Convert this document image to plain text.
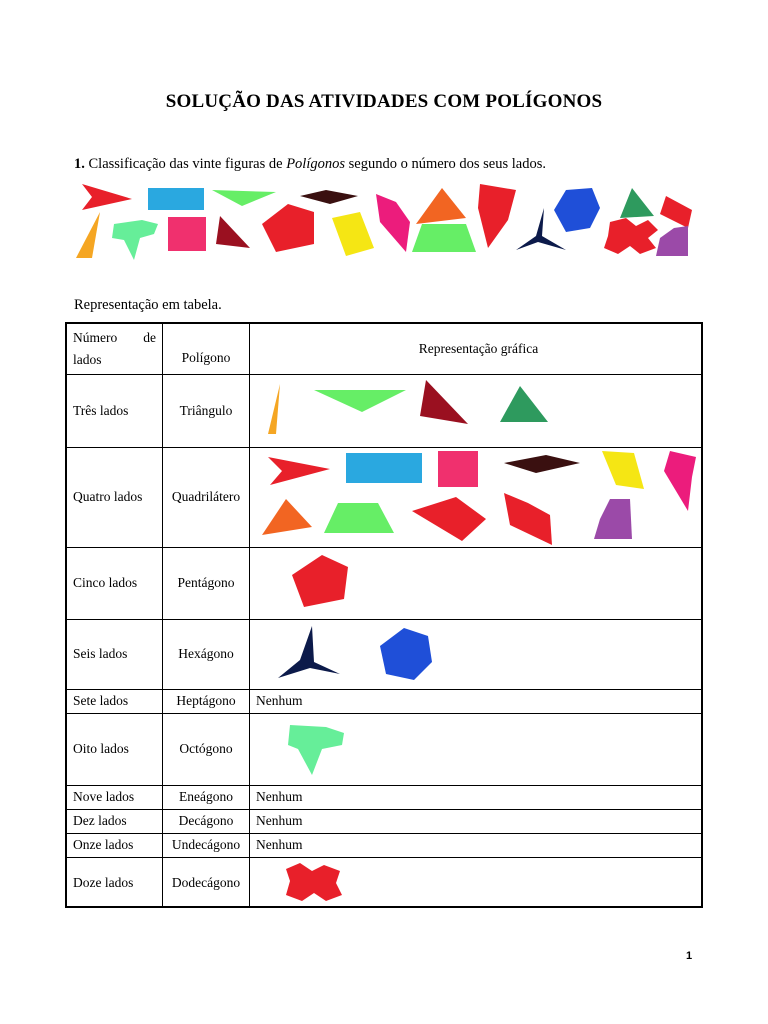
SOLUÇÃO DAS ATIVIDADES COM POLÍGONOS
1. Classificação das vinte figuras de Polígonos segundo o número dos seus lados.
Representação em tabela.
Número de
lados	Polígono	Representação gráfica
Três lados	Triângulo	

Quatro lados	Quadrilátero	

Cinco lados	Pentágono	

Seis lados	Hexágono	

Sete lados	Heptágono	Nenhum
Oito lados	Octógono	

Nove lados	Eneágono	Nenhum
Dez lados	Decágono	Nenhum
Onze lados	Undecágono	Nenhum
Doze lados	Dodecágono	
1
